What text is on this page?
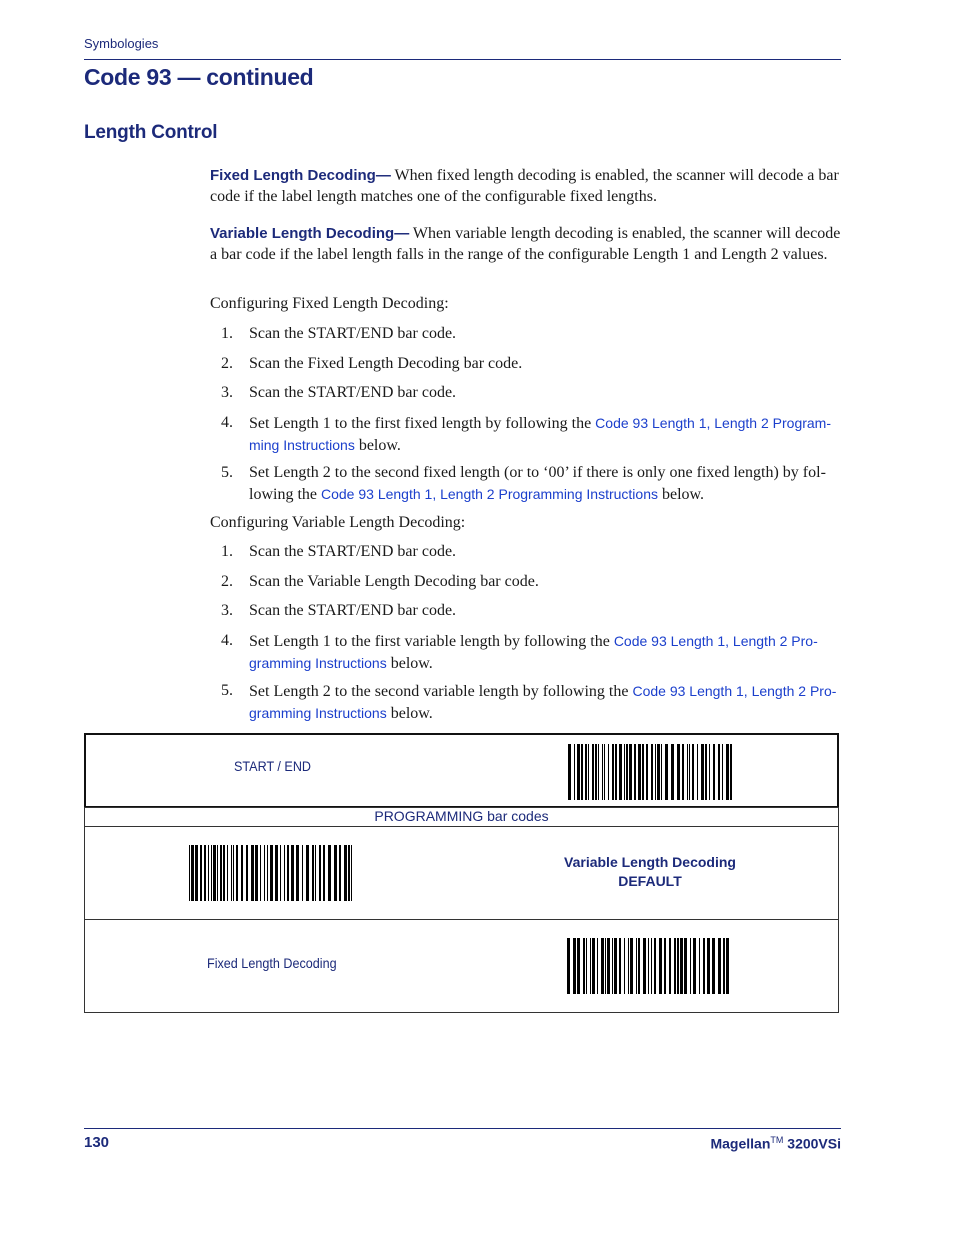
Symbologies
Code 93 — continued
Length Control
Fixed Length Decoding— When fixed length decoding is enabled, the scanner will decode a bar code if the label length matches one of the configurable fixed lengths.
Variable Length Decoding— When variable length decoding is enabled, the scanner will decode a bar code if the label length falls in the range of the configurable Length 1 and Length 2 values.
Configuring Fixed Length Decoding:
1. Scan the START/END bar code.
2. Scan the Fixed Length Decoding bar code.
3. Scan the START/END bar code.
4. Set Length 1 to the first fixed length by following the Code 93 Length 1, Length 2 Program-ming Instructions below.
5. Set Length 2 to the second fixed length (or to ‘00’ if there is only one fixed length) by fol-lowing the Code 93 Length 1, Length 2 Programming Instructions below.
Configuring Variable Length Decoding:
1. Scan the START/END bar code.
2. Scan the Variable Length Decoding bar code.
3. Scan the START/END bar code.
4. Set Length 1 to the first variable length by following the Code 93 Length 1, Length 2 Pro-gramming Instructions below.
5. Set Length 2 to the second variable length by following the Code 93 Length 1, Length 2 Pro-gramming Instructions below.
START / END
PROGRAMMING bar codes
Variable Length Decoding
DEFAULT
Fixed Length Decoding
130	Magellan™ 3200VSi
